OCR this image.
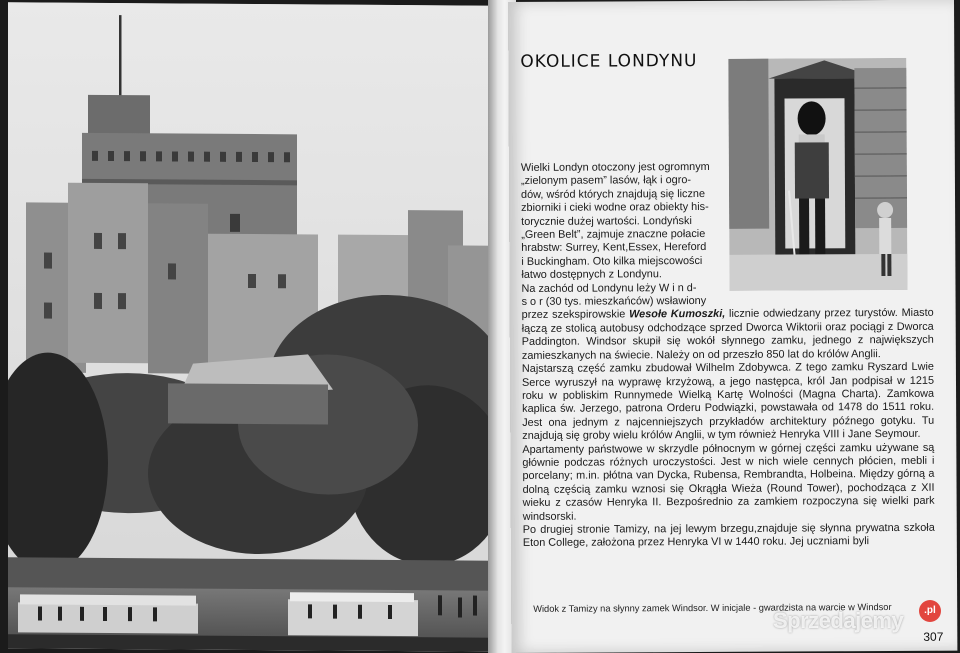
OKOLICE LONDYNU
Wielki Londyn otoczony jest ogromnym
„zielonym pasem” lasów, łąk i ogro-
dów, wśród których znajdują się liczne
zbiorniki i cieki wodne oraz obiekty his-
torycznie dużej wartości. Londyński
„Green Belt”, zajmuje znaczne połacie
hrabstw: Surrey, Kent,Essex, Hereford
i Buckingham. Oto kilka miejscowości
łatwo dostępnych z Londynu.
Na zachód od Londynu leży W i n d-
s o r (30 tys. mieszkańców) wsławiony

przez szekspirowskie Wesołe Kumoszki, licznie odwiedzany przez turystów. Miasto łączą ze stolicą autobusy odchodzące sprzed Dworca Wiktorii oraz pociągi z Dworca Paddington. Windsor skupił się wokół słynnego zamku, jednego z największych zamieszkanych na świecie. Należy on od przeszło 850 lat do królów Anglii.

Najstarszą część zamku zbudował Wilhelm Zdobywca. Z tego zamku Ryszard Lwie Serce wyruszył na wyprawę krzyżową, a jego następca, król Jan podpisał w 1215 roku w pobliskim Runnymede Wielką Kartę Wolności (Magna Charta). Zamkowa kaplica św. Jerzego, patrona Orderu Podwiązki, powstawała od 1478 do 1511 roku. Jest ona jednym z najcenniejszych przykładów architektury późnego gotyku. Tu znajdują się groby wielu królów Anglii, w tym również Henryka VIII i Jane Seymour.

Apartamenty państwowe w skrzydle północnym w górnej części zamku używane są głównie podczas różnych uroczystości. Jest w nich wiele cennych płócien, mebli i porcelany; m.in. płótna van Dycka, Rubensa, Rembrandta, Holbeina. Między górną a dolną częścią zamku wznosi się Okrągła Wieża (Round Tower), pochodząca z XII wieku z czasów Henryka II. Bezpośrednio za zamkiem rozpoczyna się wielki park windsorski.

Po drugiej stronie Tamizy, na jej lewym brzegu,znajduje się słynna prywatna szkoła Eton College, założona przez Henryka VI w 1440 roku. Jej uczniami byli

Widok z Tamizy na słynny zamek Windsor. W inicjale - gwardzista na warcie w Windsor
307
Sprzedajemy	.pl
